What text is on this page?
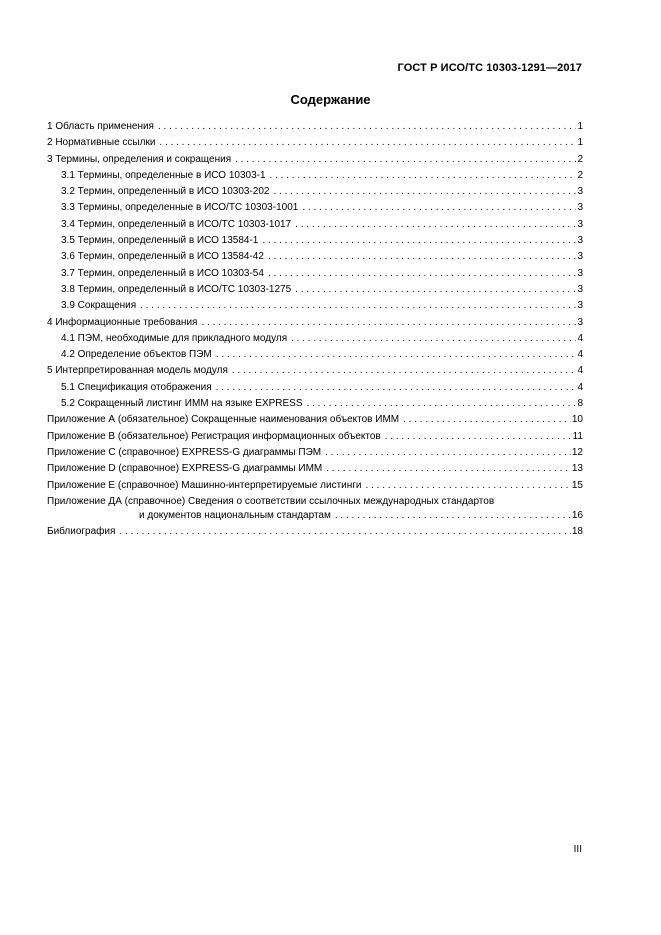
ГОСТ Р ИСО/ТС 10303-1291—2017
Содержание
1 Область применения . . .	1
2 Нормативные ссылки . . .	1
3 Термины, определения и сокращения . . .	2
3.1 Термины, определенные в ИСО 10303-1 . . .	2
3.2 Термин, определенный в ИСО 10303-202 . . .	3
3.3 Термины, определенные в ИСО/ТС 10303-1001 . . .	3
3.4 Термин, определенный в ИСО/ТС 10303-1017 . . .	3
3.5 Термин, определенный в ИСО 13584-1 . . .	3
3.6 Термин, определенный в ИСО 13584-42 . . .	3
3.7 Термин, определенный в ИСО 10303-54 . . .	3
3.8 Термин, определенный в ИСО/ТС 10303-1275 . . .	3
3.9 Сокращения . . .	3
4 Информационные требования . . .	3
4.1 ПЭМ, необходимые для прикладного модуля . . .	4
4.2 Определение объектов ПЭМ . . .	4
5 Интерпретированная модель модуля . . .	4
5.1 Спецификация отображения . . .	4
5.2 Сокращенный листинг ИММ на языке EXPRESS . . .	8
Приложение А (обязательное) Сокращенные наименования объектов ИММ . . .	10
Приложение В (обязательное) Регистрация информационных объектов . . .	11
Приложение С (справочное) EXPRESS-G диаграммы ПЭМ . . .	12
Приложение D (справочное) EXPRESS-G диаграммы ИММ . . .	13
Приложение Е (справочное) Машинно-интерпретируемые листинги . . .	15
Приложение ДА (справочное) Сведения о соответствии ссылочных международных стандартов
и документов национальным стандартам . . .	16
Библиография . . .	18
III
